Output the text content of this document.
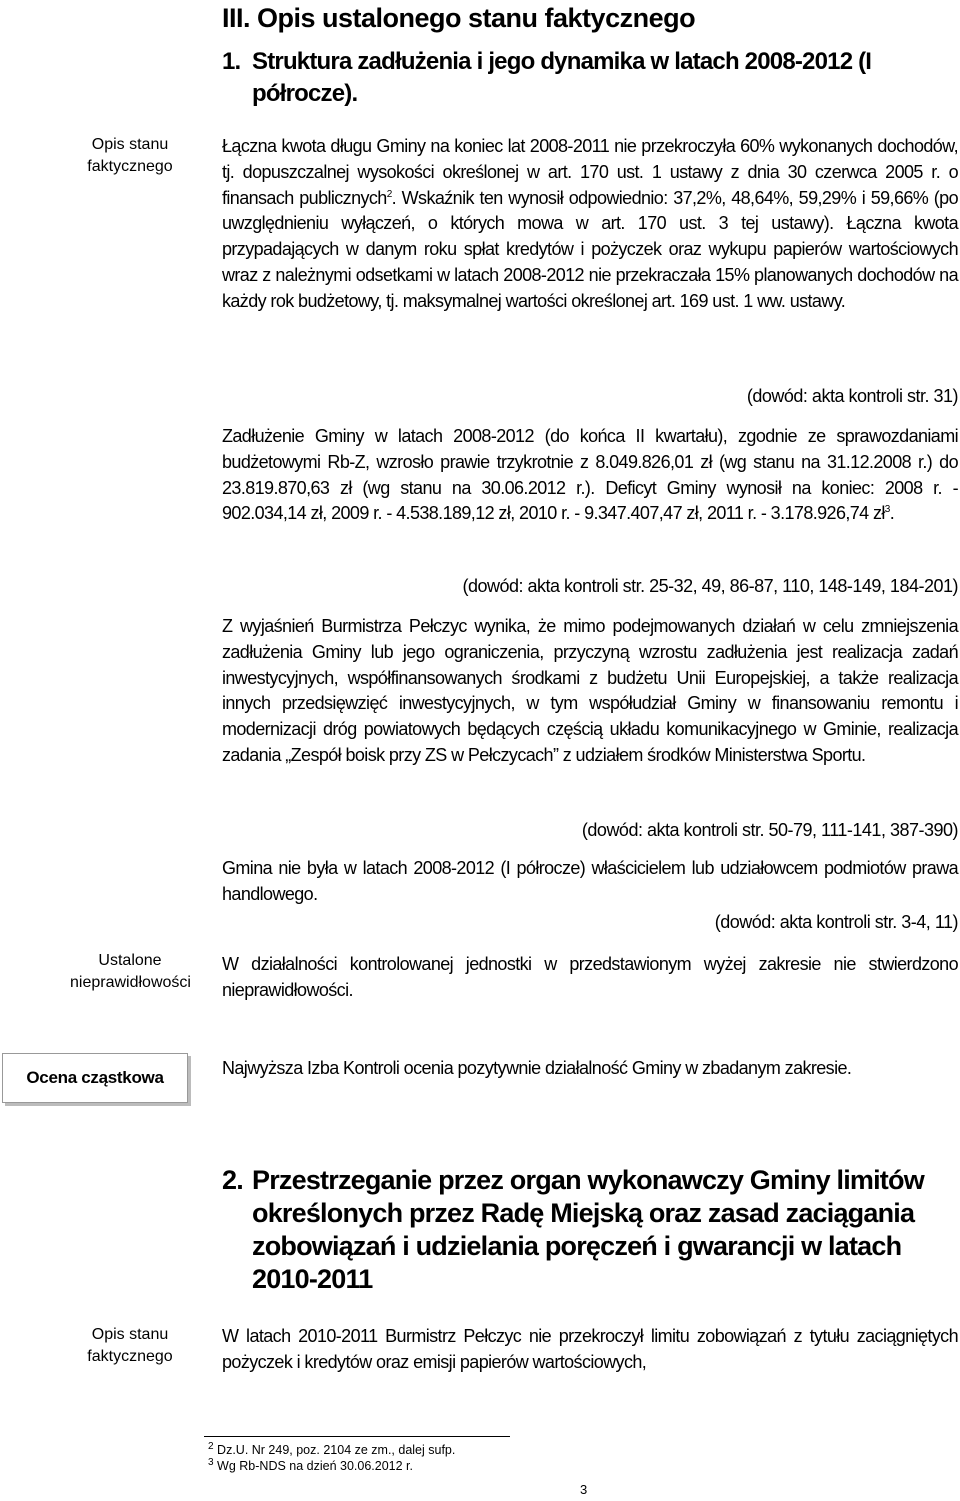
III. Opis ustalonego stanu faktycznego
1. Struktura zadłużenia i jego dynamika w latach 2008-2012 (I półrocze).
Opis stanu
faktycznego
Łączna kwota długu Gminy na koniec lat 2008-2011 nie przekroczyła 60% wykonanych dochodów, tj. dopuszczalnej wysokości określonej w art. 170 ust. 1 ustawy z dnia 30 czerwca 2005 r. o finansach publicznych$^2$. Wskaźnik ten wynosił odpowiednio: 37,2%, 48,64%, 59,29% i 59,66% (po uwzględnieniu wyłączeń, o których mowa w art. 170 ust. 3 tej ustawy). Łączna kwota przypadających w danym roku spłat kredytów i pożyczek oraz wykupu papierów wartościowych wraz z należnymi odsetkami w latach 2008-2012 nie przekraczała 15% planowanych dochodów na każdy rok budżetowy, tj. maksymalnej wartości określonej art. 169 ust. 1 ww. ustawy.
(dowód: akta kontroli str. 31)
Zadłużenie Gminy w latach 2008-2012 (do końca II kwartału), zgodnie ze sprawozdaniami budżetowymi Rb-Z, wzrosło prawie trzykrotnie z 8.049.826,01 zł (wg stanu na 31.12.2008 r.) do 23.819.870,63 zł (wg stanu na 30.06.2012 r.). Deficyt Gminy wynosił na koniec: 2008 r. - 902.034,14 zł, 2009 r. - 4.538.189,12 zł, 2010 r. - 9.347.407,47 zł, 2011 r. - 3.178.926,74 $zł^3$.
(dowód: akta kontroli str. 25-32, 49, 86-87, 110, 148-149, 184-201)
Z wyjaśnień Burmistrza Pełczyc wynika, że mimo podejmowanych działań w celu zmniejszenia zadłużenia Gminy lub jego ograniczenia, przyczyną wzrostu zadłużenia jest realizacja zadań inwestycyjnych, współfinansowanych środkami z budżetu Unii Europejskiej, a także realizacja innych przedsięwzięć inwestycyjnych, w tym współudział Gminy w finansowaniu remontu i modernizacji dróg powiatowych będących częścią układu komunikacyjnego w Gminie, realizacja zadania „Zespół boisk przy ZS w Pełczycach” z udziałem środków Ministerstwa Sportu.
(dowód: akta kontroli str. 50-79, 111-141, 387-390)
Gmina nie była w latach 2008-2012 (I półrocze) właścicielem lub udziałowcem podmiotów prawa handlowego.
(dowód: akta kontroli str. 3-4, 11)
Ustalone
nieprawidłowości
W działalności kontrolowanej jednostki w przedstawionym wyżej zakresie nie stwierdzono nieprawidłowości.
Ocena cząstkowa	Najwyższa Izba Kontroli ocenia pozytywnie działalność Gminy w zbadanym zakresie.
2. Przestrzeganie przez organ wykonawczy Gminy limitów określonych przez Radę Miejską oraz zasad zaciągania zobowiązań i udzielania poręczeń i gwarancji w latach 2010-2011
Opis stanu
faktycznego
W latach 2010-2011 Burmistrz Pełczyc nie przekroczył limitu zobowiązań z tytułu zaciągniętych pożyczek i kredytów oraz emisji papierów wartościowych,
$^2$ Dz.U. Nr 249, poz. 2104 ze zm., dalej sufp.
$^3$ Wg Rb-NDS na dzień 30.06.2012 r.
3
